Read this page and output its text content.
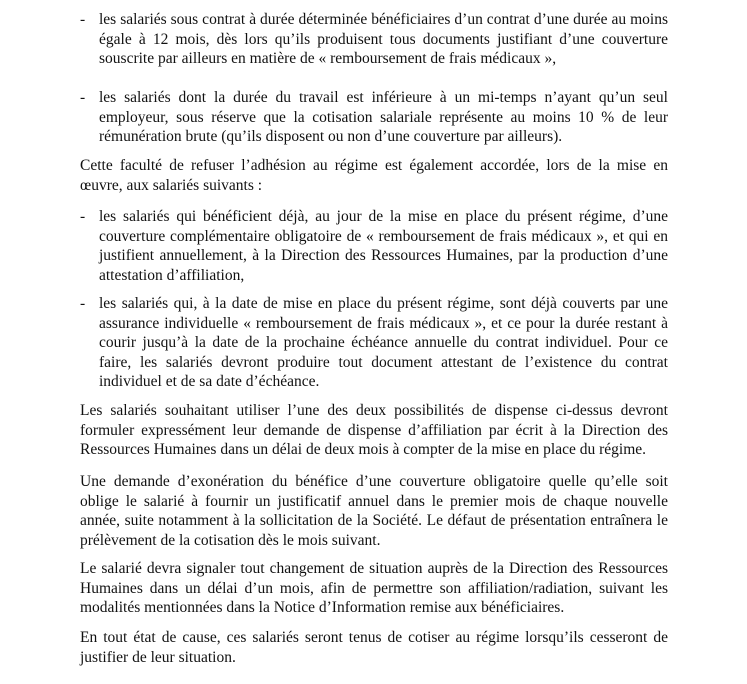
- les salariés sous contrat à durée déterminée bénéficiaires d’un contrat d’une durée au moins égale à 12 mois, dès lors qu’ils produisent tous documents justifiant d’une couverture souscrite par ailleurs en matière de « remboursement de frais médicaux »,
- les salariés dont la durée du travail est inférieure à un mi-temps n’ayant qu’un seul employeur, sous réserve que la cotisation salariale représente au moins 10 % de leur rémunération brute (qu’ils disposent ou non d’une couverture par ailleurs).
Cette faculté de refuser l’adhésion au régime est également accordée, lors de la mise en œuvre, aux salariés suivants :
- les salariés qui bénéficient déjà, au jour de la mise en place du présent régime, d’une couverture complémentaire obligatoire de « remboursement de frais médicaux », et qui en justifient annuellement, à la Direction des Ressources Humaines, par la production d’une attestation d’affiliation,
- les salariés qui, à la date de mise en place du présent régime, sont déjà couverts par une assurance individuelle « remboursement de frais médicaux », et ce pour la durée restant à courir jusqu’à la date de la prochaine échéance annuelle du contrat individuel. Pour ce faire, les salariés devront produire tout document attestant de l’existence du contrat individuel et de sa date d’échéance.
Les salariés souhaitant utiliser l’une des deux possibilités de dispense ci-dessus devront formuler expressément leur demande de dispense d’affiliation par écrit à la Direction des Ressources Humaines dans un délai de deux mois à compter de la mise en place du régime.
Une demande d’exonération du bénéfice d’une couverture obligatoire quelle qu’elle soit oblige le salarié à fournir un justificatif annuel dans le premier mois de chaque nouvelle année, suite notamment à la sollicitation de la Société. Le défaut de présentation entraînera le prélèvement de la cotisation dès le mois suivant.
Le salarié devra signaler tout changement de situation auprès de la Direction des Ressources Humaines dans un délai d’un mois, afin de permettre son affiliation/radiation, suivant les modalités mentionnées dans la Notice d’Information remise aux bénéficiaires.
En tout état de cause, ces salariés seront tenus de cotiser au régime lorsqu’ils cesseront de justifier de leur situation.
